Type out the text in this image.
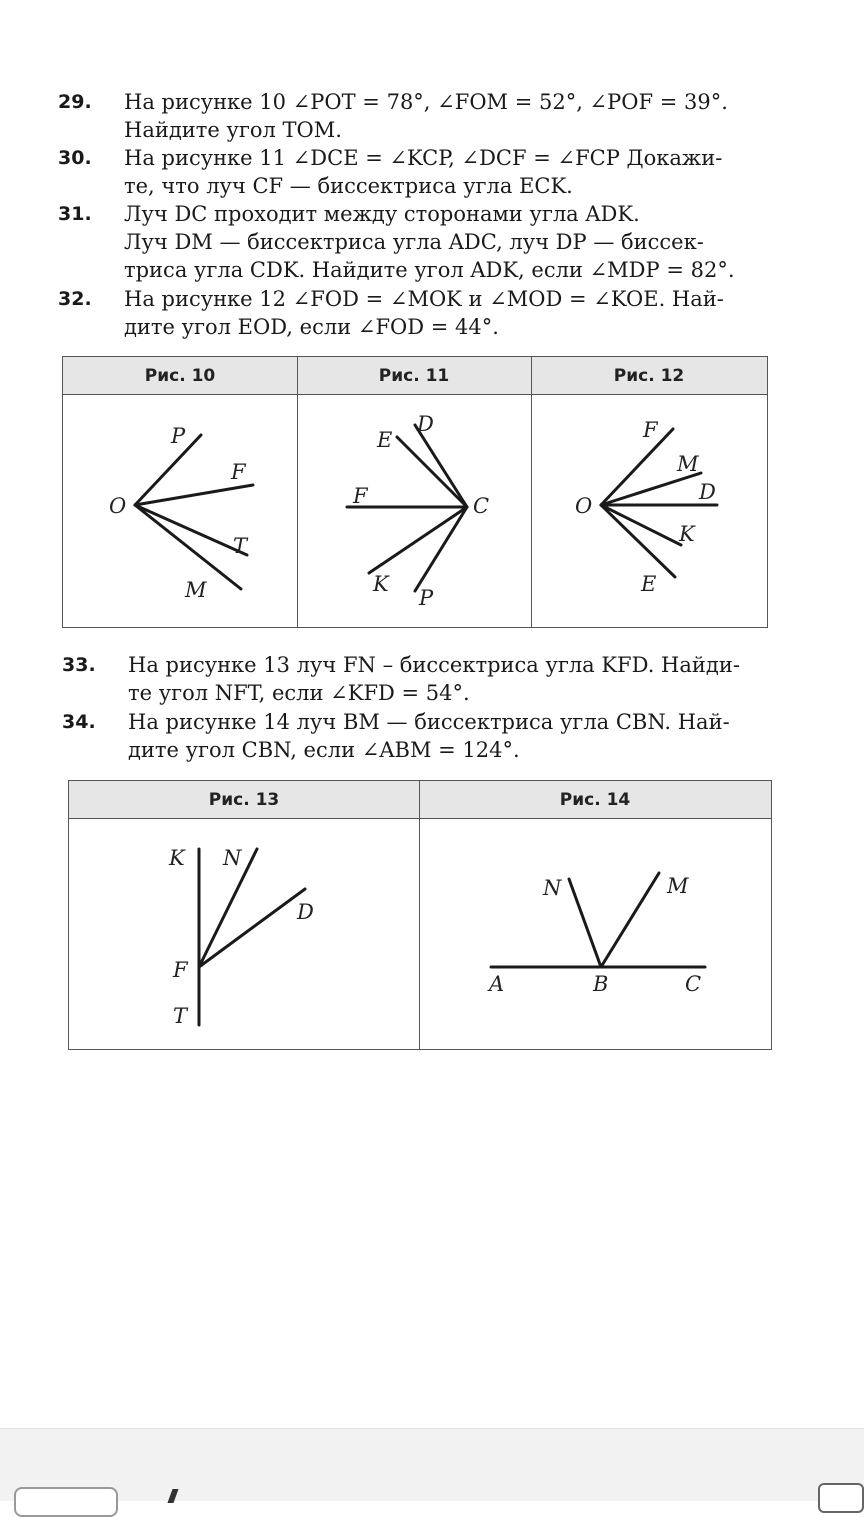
29.	На рисунке 10 ∠POT = 78°, ∠FOM = 52°, ∠POF = 39°.
Найдите угол TOM.
30.	На рисунке 11 ∠DCE = ∠KCP, ∠DCF = ∠FCP Докажи-
те, что луч CF — биссектриса угла ECK.
31.	Луч DC проходит между сторонами угла ADK.
Луч DM — биссектриса угла ADC, луч DP — биссек-
триса угла CDK. Найдите угол ADK, если ∠MDP = 82°.
32.	На рисунке 12 ∠FOD = ∠MOK и ∠MOD = ∠KOE. Най-
дите угол EOD, если ∠FOD = 44°.
Рис. 10	Рис. 11	Рис. 12
O
P
F
T
M
E
D
F	C
K
P
F
M
D
O
K
E
33.	На рисунке 13 луч FN – биссектриса угла KFD. Найди-
те угол NFT, если ∠KFD = 54°.
34.	На рисунке 14 луч BM — биссектриса угла CBN. Най-
дите угол CBN, если ∠ABM = 124°.
Рис. 13	Рис. 14
K N
D
F
T
N	M
A	B	C
